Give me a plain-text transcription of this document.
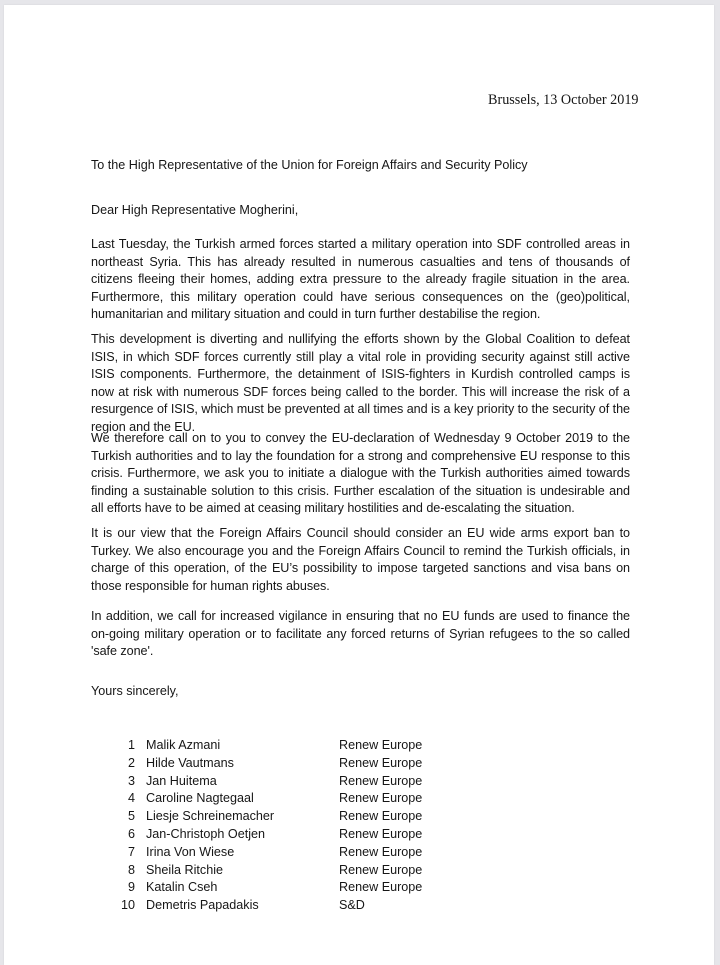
Brussels, 13 October 2019
To the High Representative of the Union for Foreign Affairs and Security Policy
Dear High Representative Mogherini,
Last Tuesday, the Turkish armed forces started a military operation into SDF controlled areas in northeast Syria. This has already resulted in numerous casualties and tens of thousands of citizens fleeing their homes, adding extra pressure to the already fragile situation in the area. Furthermore, this military operation could have serious consequences on the (geo)political, humanitarian and military situation and could in turn further destabilise the region.
This development is diverting and nullifying the efforts shown by the Global Coalition to defeat ISIS, in which SDF forces currently still play a vital role in providing security against still active ISIS components. Furthermore, the detainment of ISIS-fighters in Kurdish controlled camps is now at risk with numerous SDF forces being called to the border. This will increase the risk of a resurgence of ISIS, which must be prevented at all times and is a key priority to the security of the region and the EU.
We therefore call on to you to convey the EU-declaration of Wednesday 9 October 2019 to the Turkish authorities and to lay the foundation for a strong and comprehensive EU response to this crisis. Furthermore, we ask you to initiate a dialogue with the Turkish authorities aimed towards finding a sustainable solution to this crisis. Further escalation of the situation is undesirable and all efforts have to be aimed at ceasing military hostilities and de-escalating the situation.
It is our view that the Foreign Affairs Council should consider an EU wide arms export ban to Turkey. We also encourage you and the Foreign Affairs Council to remind the Turkish officials, in charge of this operation, of the EU’s possibility to impose targeted sanctions and visa bans on those responsible for human rights abuses.
In addition, we call for increased vigilance in ensuring that no EU funds are used to finance the on-going military operation or to facilitate any forced returns of Syrian refugees to the so called 'safe zone'.
Yours sincerely,
1 Malik Azmani	Renew Europe
2 Hilde Vautmans	Renew Europe
3 Jan Huitema	Renew Europe
4 Caroline Nagtegaal	Renew Europe
5 Liesje Schreinemacher	Renew Europe
6 Jan-Christoph Oetjen	Renew Europe
7 Irina Von Wiese	Renew Europe
8 Sheila Ritchie	Renew Europe
9 Katalin Cseh	Renew Europe
10 Demetris Papadakis	S&D
